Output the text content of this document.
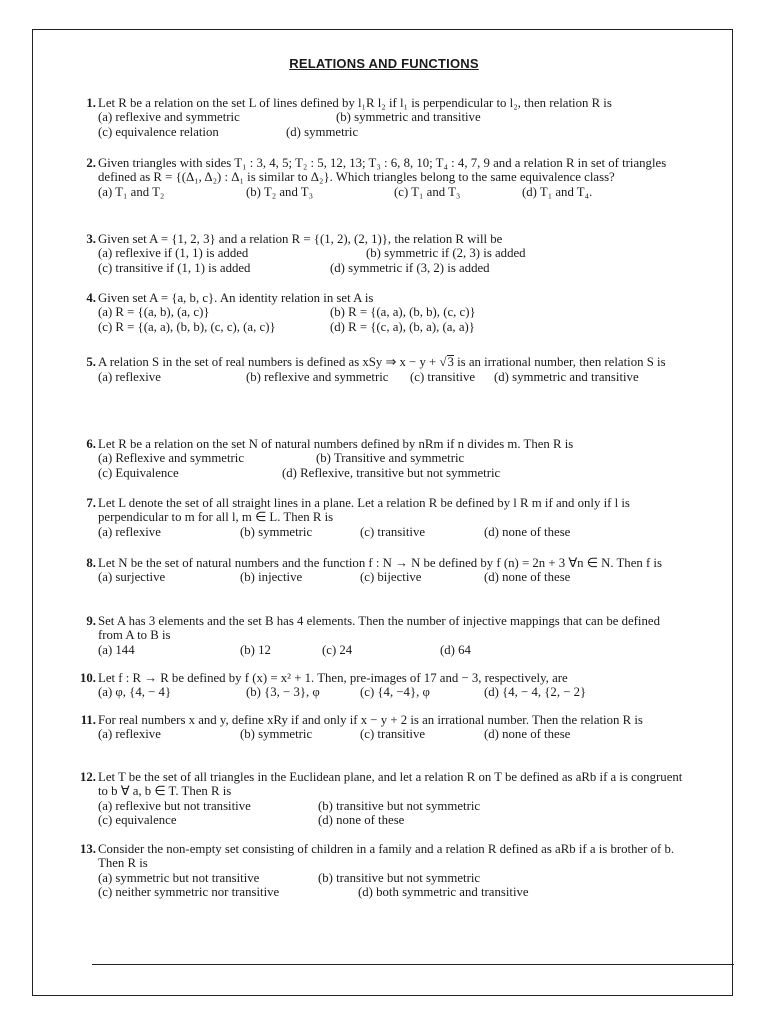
RELATIONS AND FUNCTIONS
1. Let R be a relation on the set L of lines defined by l₁R l₂ if l₁ is perpendicular to l₂, then relation R is
(a) reflexive and symmetric	(b) symmetric and transitive
(c) equivalence relation	(d) symmetric
2. Given triangles with sides T₁ : 3, 4, 5; T₂ : 5, 12, 13; T₃ : 6, 8, 10; T₄ : 4, 7, 9 and a relation R in set of triangles defined as R = {(Δ₁, Δ₂) : Δ₁ is similar to Δ₂}. Which triangles belong to the same equivalence class?
(a) T₁ and T₂	(b) T₂ and T₃	(c) T₁ and T₃	(d) T₁ and T₄.
3. Given set A = {1, 2, 3} and a relation R = {(1, 2), (2, 1)}, the relation R will be
(a) reflexive if (1, 1) is added	(b) symmetric if (2, 3) is added
(c) transitive if (1, 1) is added	(d) symmetric if (3, 2) is added
4. Given set A = {a, b, c}. An identity relation in set A is
(a) R = {(a, b), (a, c)}	(b) R = {(a, a), (b, b), (c, c)}
(c) R = {(a, a), (b, b), (c, c), (a, c)}	(d) R = {(c, a), (b, a), (a, a)}
5. A relation S in the set of real numbers is defined as xSy ⇒ x − y + √3 is an irrational number, then relation S is
(a) reflexive	(b) reflexive and symmetric (c) transitive (d) symmetric and transitive
6. Let R be a relation on the set N of natural numbers defined by nRm if n divides m. Then R is
(a) Reflexive and symmetric	(b) Transitive and symmetric
(c) Equivalence	(d) Reflexive, transitive but not symmetric
7. Let L denote the set of all straight lines in a plane. Let a relation R be defined by l R m if and only if l is perpendicular to m for all l, m ∈ L. Then R is
(a) reflexive	(b) symmetric	(c) transitive	(d) none of these
8. Let N be the set of natural numbers and the function f : N → N be defined by f (n) = 2n + 3 ∀n ∈ N. Then f is
(a) surjective	(b) injective	(c) bijective	(d) none of these
9. Set A has 3 elements and the set B has 4 elements. Then the number of injective mappings that can be defined from A to B is
(a) 144	(b) 12	(c) 24	(d) 64
10. Let f : R → R be defined by f (x) = x² + 1. Then, pre-images of 17 and − 3, respectively, are
(a) φ, {4, − 4}	(b) {3, − 3}, φ	(c) {4, −4}, φ	(d) {4, − 4, {2, − 2}
11. For real numbers x and y, define xRy if and only if x − y + 2 is an irrational number. Then the relation R is
(a) reflexive	(b) symmetric	(c) transitive	(d) none of these
12. Let T be the set of all triangles in the Euclidean plane, and let a relation R on T be defined as aRb if a is congruent to b ∀ a, b ∈ T. Then R is
(a) reflexive but not transitive	(b) transitive but not symmetric
(c) equivalence	(d) none of these
13. Consider the non-empty set consisting of children in a family and a relation R defined as aRb if a is brother of b. Then R is
(a) symmetric but not transitive	(b) transitive but not symmetric
(c) neither symmetric nor transitive	(d) both symmetric and transitive
